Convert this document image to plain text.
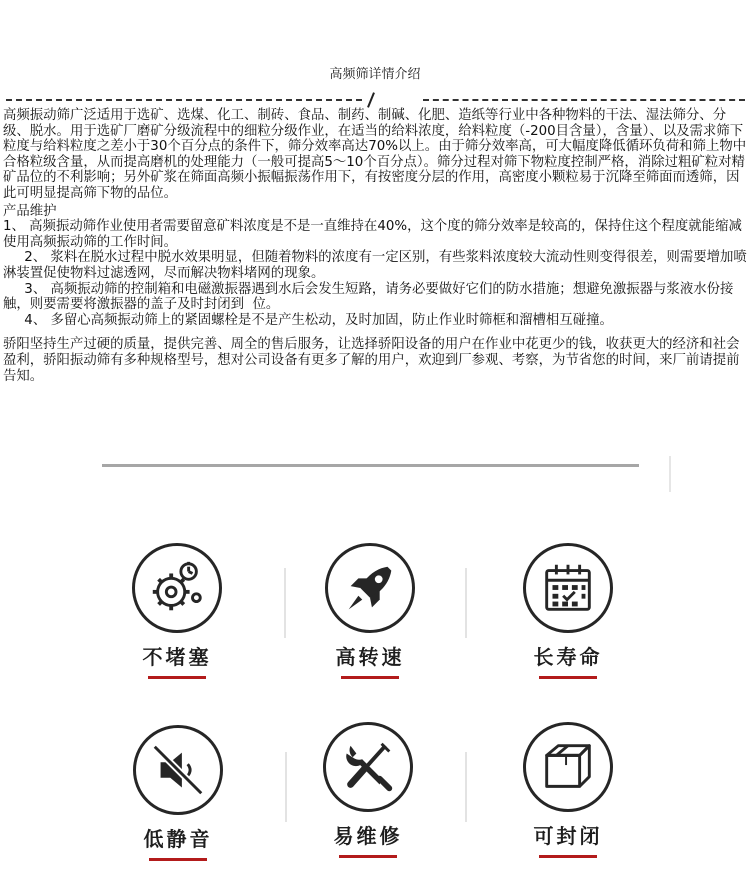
高频筛详情介绍

高频振动筛广泛适用于选矿、选煤、化工、制砖、食品、制药、制碱、化肥、造纸等行业中各种物料的干法、湿法筛分、分级、脱水。用于选矿厂磨矿分级流程中的细粒分级作业，在适当的给料浓度，给料粒度（-200目含量），含量）、以及需求筛下粒度与给料粒度之差小于30个百分点的条件下，筛分效率高达70%以上。由于筛分效率高，可大幅度降低循环负荷和筛上物中合格粒级含量，从而提高磨机的处理能力（一般可提高5～10个百分点）。筛分过程对筛下物粒度控制严格，消除过粗矿粒对精矿品位的不利影响；另外矿浆在筛面高频小振幅振荡作用下，有按密度分层的作用，高密度小颗粒易于沉降至筛面而透筛，因此可明显提高筛下物的品位。

产品维护

1、 高频振动筛作业使用者需要留意矿料浓度是不是一直维持在40%，这个度的筛分效率是较高的，保持住这个程度就能缩减使用高频振动筛的工作时间。

2、 浆料在脱水过程中脱水效果明显，但随着物料的浓度有一定区别，有些浆料浓度较大流动性则变得很差，则需要增加喷淋装置促使物料过滤透网，尽而解决物料堵网的现象。

3、 高频振动筛的控制箱和电磁激振器遇到水后会发生短路，请务必要做好它们的防水措施；想避免激振器与浆液水份接触，则要需要将激振器的盖子及时封闭到  位。

4、 多留心高频振动筛上的紧固螺栓是不是产生松动，及时加固，防止作业时筛框和溜槽相互碰撞。

骄阳坚持生产过硬的质量，提供完善、周全的售后服务，让选择骄阳设备的用户在作业中花更少的钱，收获更大的经济和社会盈利，骄阳振动筛有多种规格型号，想对公司设备有更多了解的用户，欢迎到厂参观、考察，为节省您的时间，来厂前请提前告知。

不堵塞	高转速	长寿命
低静音	易维修	可封闭
